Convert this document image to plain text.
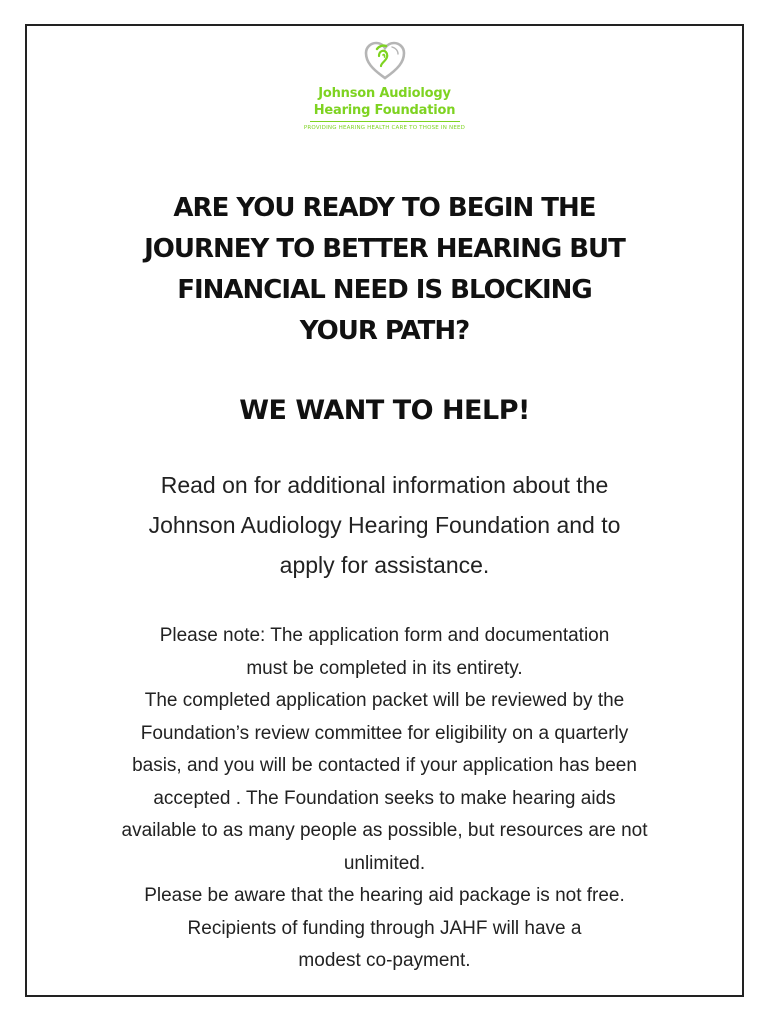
Johnson Audiology
Hearing Foundation
PROVIDING HEARING HEALTH CARE TO THOSE IN NEED
ARE YOU READY TO BEGIN THE
JOURNEY TO BETTER HEARING BUT
FINANCIAL NEED IS BLOCKING
YOUR PATH?
WE WANT TO HELP!
Read on for additional information about the
Johnson Audiology Hearing Foundation and to
apply for assistance.
Please note: The application form and documentation
must be completed in its entirety.
The completed application packet will be reviewed by the
Foundation’s review committee for eligibility on a quarterly
basis, and you will be contacted if your application has been
accepted . The Foundation seeks to make hearing aids
available to as many people as possible, but resources are not
unlimited.
Please be aware that the hearing aid package is not free.
Recipients of funding through JAHF will have a
modest co-payment.
